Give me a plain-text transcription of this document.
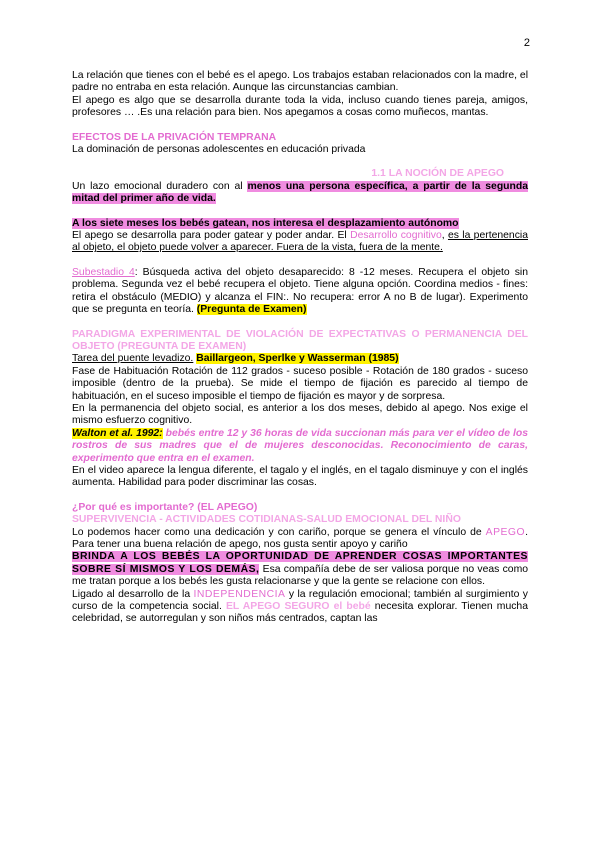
2

La relación que tienes con el bebé es el apego. Los trabajos estaban relacionados con la madre, el padre no entraba en esta relación. Aunque las circunstancias cambian.

El apego es algo que se desarrolla durante toda la vida, incluso cuando tienes pareja, amigos, profesores … .Es una relación para bien. Nos apegamos a cosas como muñecos, mantas.

EFECTOS DE LA PRIVACIÓN TEMPRANA

La dominación de personas adolescentes en educación privada

1.1 LA NOCIÓN DE APEGO

Un lazo emocional duradero con al menos una persona específica, a partir de la segunda mitad del primer año de vida.

A los siete meses los bebés gatean, nos interesa el desplazamiento autónomo

El apego se desarrolla para poder gatear y poder andar. El Desarrollo cognitivo, es la pertenencia al objeto, el objeto puede volver a aparecer. Fuera de la vista, fuera de la mente.

Subestadio 4: Búsqueda activa del objeto desaparecido: 8 -12 meses. Recupera el objeto sin problema. Segunda vez el bebé recupera el objeto. Tiene alguna opción. Coordina medios - fines: retira el obstáculo (MEDIO) y alcanza el FIN:. No recupera: error A no B de lugar). Experimento que se pregunta en teoría. (Pregunta de Examen)

PARADIGMA EXPERIMENTAL DE VIOLACIÓN DE EXPECTATIVAS O PERMANENCIA DEL OBJETO (PREGUNTA DE EXAMEN)

Tarea del puente levadizo. Baillargeon, Sperlke y Wasserman (1985)

Fase de Habituación Rotación de 112 grados - suceso posible - Rotación de 180 grados - suceso imposible (dentro de la prueba). Se mide el tiempo de fijación es parecido al tiempo de habituación, en el suceso imposible el tiempo de fijación es mayor y de sorpresa.

En la permanencia del objeto social, es anterior a los dos meses, debido al apego. Nos exige el mismo esfuerzo cognitivo.

Walton et al. 1992: bebés entre 12 y 36 horas de vida succionan más para ver el vídeo de los rostros de sus madres que el de mujeres desconocidas. Reconocimiento de caras, experimento que entra en el examen.

En el video aparece la lengua diferente, el tagalo y el inglés, en el tagalo disminuye y con el inglés aumenta. Habilidad para poder discriminar las cosas.

¿Por qué es importante? (EL APEGO)

SUPERVIVENCIA - ACTIVIDADES COTIDIANAS-SALUD EMOCIONAL DEL NIÑO

Lo podemos hacer como una dedicación y con cariño, porque se genera el vínculo de APEGO. Para tener una buena relación de apego, nos gusta sentir apoyo y cariño

BRINDA A LOS BEBÉS LA OPORTUNIDAD DE APRENDER COSAS IMPORTANTES SOBRE SÍ MISMOS Y LOS DEMÁS, Esa compañía debe de ser valiosa porque no veas como me tratan porque a los bebés les gusta relacionarse y que la gente se relacione con ellos.

Ligado al desarrollo de la INDEPENDENCIA y la regulación emocional; también al surgimiento y curso de la competencia social. EL APEGO SEGURO el bebé necesita explorar. Tienen mucha celebridad, se autorregulan y son niños más centrados, captan las
